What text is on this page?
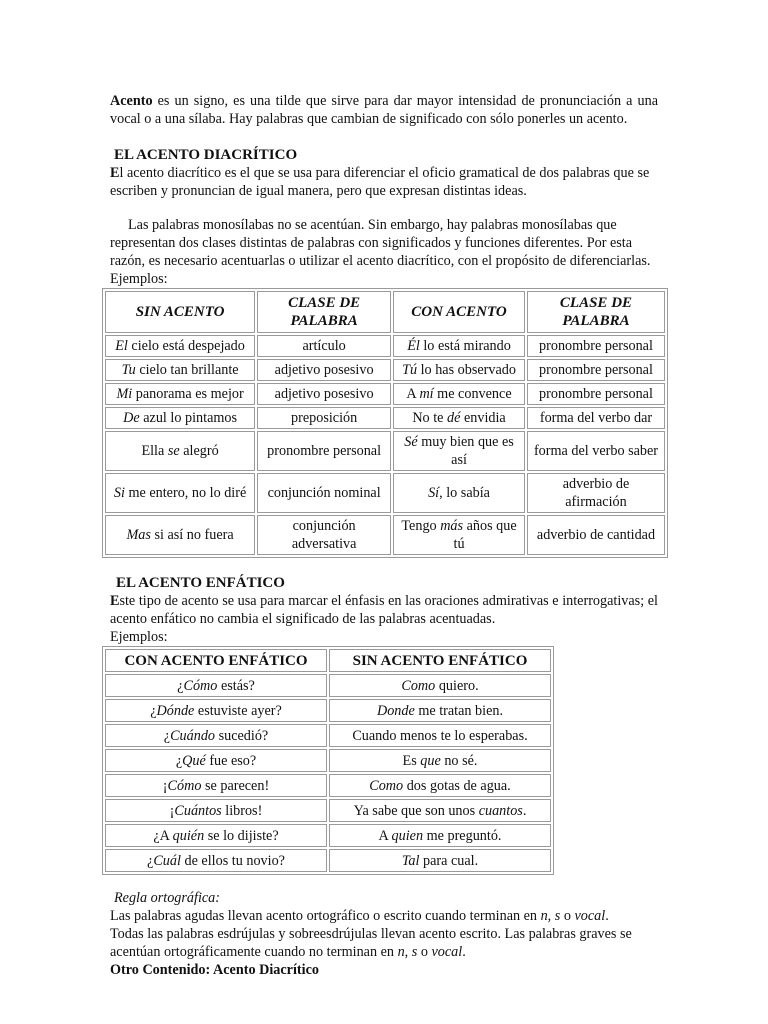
Acento es un signo, es una tilde que sirve para dar mayor intensidad de pronunciación a una vocal o a una sílaba. Hay palabras que cambian de significado con sólo ponerles un acento.

EL ACENTO DIACRÍTICO

El acento diacrítico es el que se usa para diferenciar el oficio gramatical de dos palabras que se escriben y pronuncian de igual manera, pero que expresan distintas ideas.

Las palabras monosílabas no se acentúan. Sin embargo, hay palabras monosílabas que representan dos clases distintas de palabras con significados y funciones diferentes. Por esta razón, es necesario acentuarlas o utilizar el acento diacrítico, con el propósito de diferenciarlas.

Ejemplos:

SIN ACENTO	CLASE DE PALABRA	CON ACENTO	CLASE DE PALABRA
El cielo está despejado	artículo	Él lo está mirando	pronombre personal
Tu cielo tan brillante	adjetivo posesivo	Tú lo has observado	pronombre personal
Mi panorama es mejor	adjetivo posesivo	A mí me convence	pronombre personal
De azul lo pintamos	preposición	No te dé envidia	forma del verbo dar
Ella se alegró	pronombre personal	Sé muy bien que es así	forma del verbo saber
Si me entero, no lo diré	conjunción nominal	Sí, lo sabía	adverbio de afirmación
Mas si así no fuera	conjunción adversativa	Tengo más años que tú	adverbio de cantidad

EL ACENTO ENFÁTICO

Este tipo de acento se usa para marcar el énfasis en las oraciones admirativas e interrogativas; el acento enfático no cambia el significado de las palabras acentuadas.

Ejemplos:

CON ACENTO ENFÁTICO	SIN ACENTO ENFÁTICO
¿Cómo estás?	Como quiero.
¿Dónde estuviste ayer?	Donde me tratan bien.
¿Cuándo sucedió?	Cuando menos te lo esperabas.
¿Qué fue eso?	Es que no sé.
¡Cómo se parecen!	Como dos gotas de agua.
¡Cuántos libros!	Ya sabe que son unos cuantos.
¿A quién se lo dijiste?	A quien me preguntó.
¿Cuál de ellos tu novio?	Tal para cual.

Regla ortográfica:

Las palabras agudas llevan acento ortográfico o escrito cuando terminan en n, s o vocal.

Todas las palabras esdrújulas y sobreesdrújulas llevan acento escrito. Las palabras graves se acentúan ortográficamente cuando no terminan en n, s o vocal.

Otro Contenido: Acento Diacrítico
